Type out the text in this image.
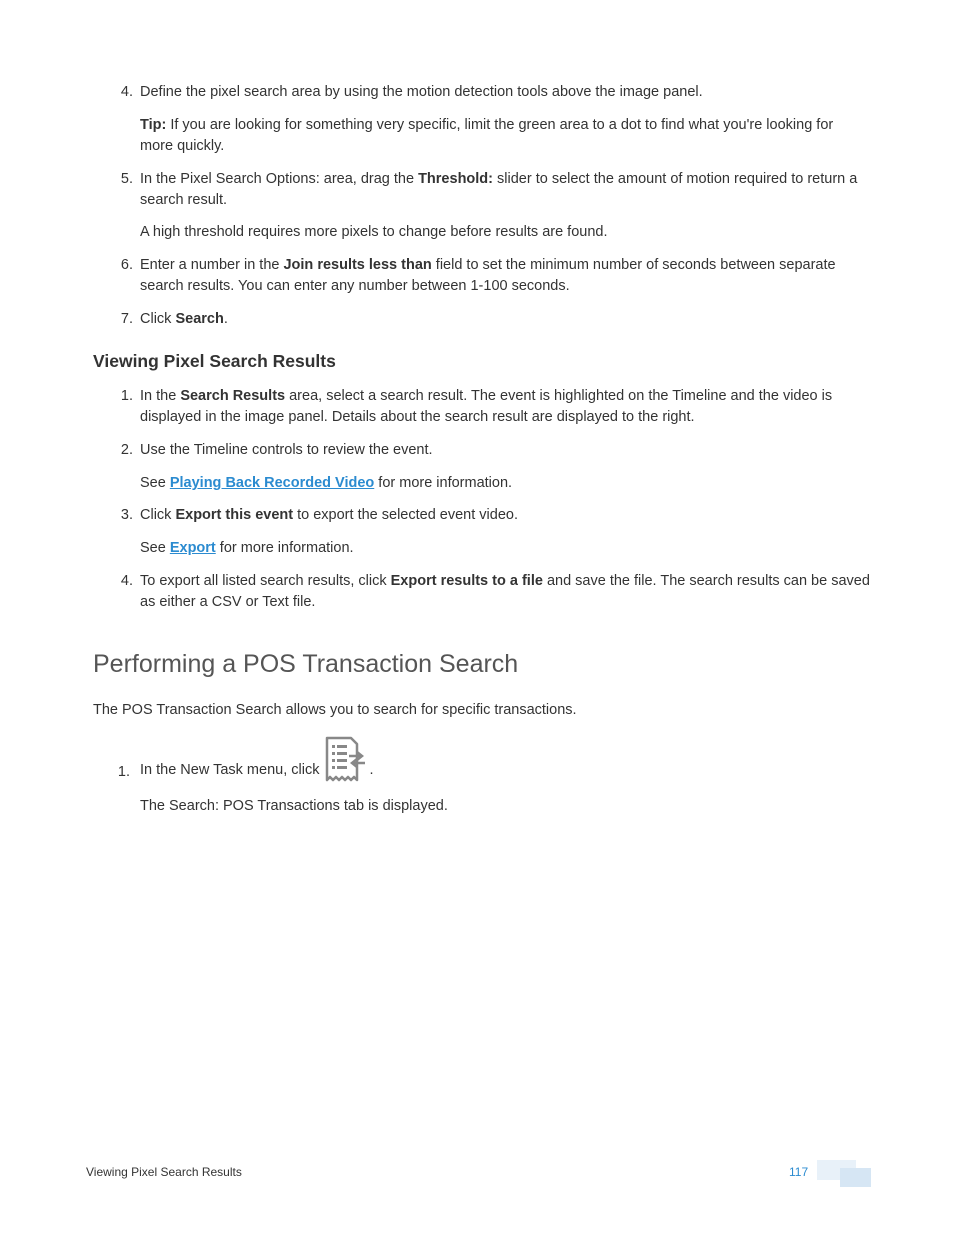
4. Define the pixel search area by using the motion detection tools above the image panel.
Tip: If you are looking for something very specific, limit the green area to a dot to find what you're looking for more quickly.
5. In the Pixel Search Options: area, drag the Threshold: slider to select the amount of motion required to return a search result.
A high threshold requires more pixels to change before results are found.
6. Enter a number in the Join results less than field to set the minimum number of seconds between separate search results. You can enter any number between 1-100 seconds.
7. Click Search.
Viewing Pixel Search Results
1. In the Search Results area, select a search result. The event is highlighted on the Timeline and the video is displayed in the image panel. Details about the search result are displayed to the right.
2. Use the Timeline controls to review the event.
See Playing Back Recorded Video for more information.
3. Click Export this event to export the selected event video.
See Export for more information.
4. To export all listed search results, click Export results to a file and save the file. The search results can be saved as either a CSV or Text file.
Performing a POS Transaction Search
The POS Transaction Search allows you to search for specific transactions.
1. In the New Task menu, click	.
The Search: POS Transactions tab is displayed.
Viewing Pixel Search Results	117
